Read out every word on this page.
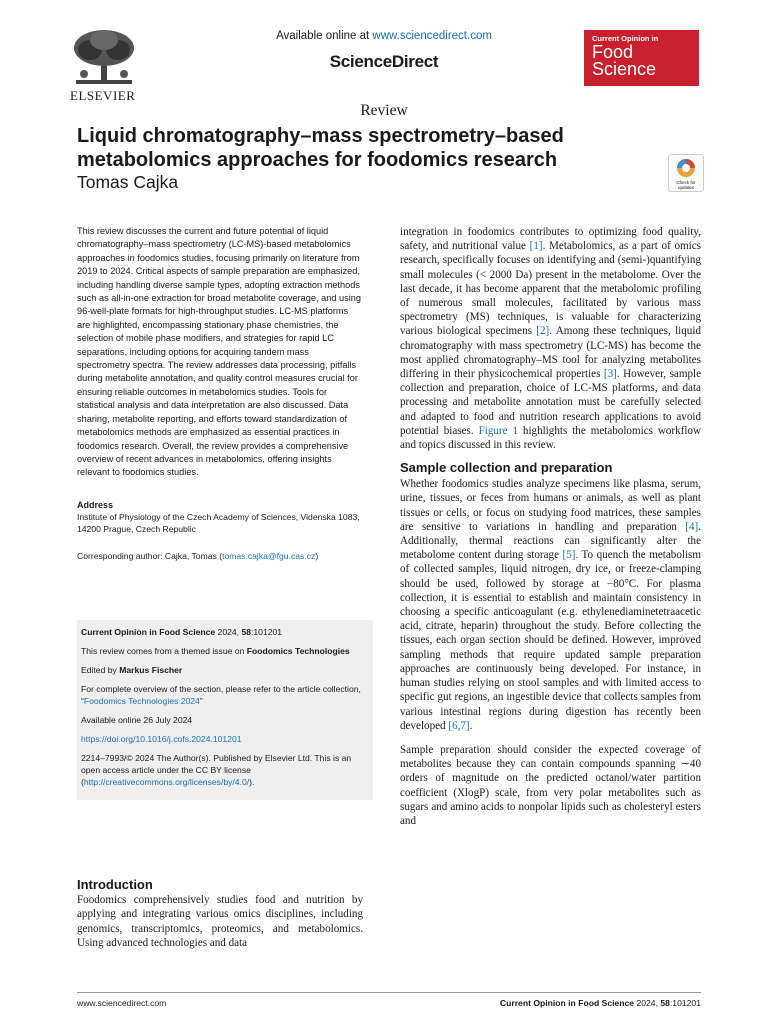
ELSEVIER
Available online at www.sciencedirect.com
ScienceDirect
Current Opinion in
Food
Science
Review
Liquid chromatography–mass spectrometry–based metabolomics approaches for foodomics research
Tomas Cajka	Check for updates

This review discusses the current and future potential of liquid chromatography–mass spectrometry (LC-MS)-based metabolomics approaches in foodomics studies, focusing primarily on literature from 2019 to 2024. Critical aspects of sample preparation are emphasized, including handling diverse sample types, adopting extraction methods such as all-in-one extraction for broad metabolite coverage, and using 96-well-plate formats for high-throughput studies. LC-MS platforms are highlighted, encompassing stationary phase chemistries, the selection of mobile phase modifiers, and strategies for rapid LC separations, including options for acquiring tandem mass spectrometry spectra. The review addresses data processing, pitfalls during metabolite annotation, and quality control measures crucial for ensuring reliable outcomes in metabolomics studies. Tools for statistical analysis and data interpretation are also discussed. Data sharing, metabolite reporting, and efforts toward standardization of metabolomics methods are emphasized as essential practices in foodomics research. Overall, the review provides a comprehensive overview of recent advances in metabolomics, offering insights relevant to foodomics studies.

Address

Institute of Physiology of the Czech Academy of Sciences, Videnska 1083, 14200 Prague, Czech Republic

Corresponding author: Cajka, Tomas (tomas.cajka@fgu.cas.cz)

Current Opinion in Food Science 2024, 58:101201

This review comes from a themed issue on Foodomics Technologies

Edited by Markus Fischer

For complete overview of the section, please refer to the article collection, “Foodomics Technologies 2024”

Available online 26 July 2024

https://doi.org/10.1016/j.cofs.2024.101201

2214–7993/© 2024 The Author(s). Published by Elsevier Ltd. This is an open access article under the CC BY license (http://creativecommons.org/licenses/by/4.0/).

Introduction

Foodomics comprehensively studies food and nutrition by applying and integrating various omics disciplines, including genomics, transcriptomics, proteomics, and metabolomics. Using advanced technologies and data

integration in foodomics contributes to optimizing food quality, safety, and nutritional value [1]. Metabolomics, as a part of omics research, specifically focuses on identifying and (semi-)quantifying small molecules (< 2000 Da) present in the metabolome. Over the last decade, it has become apparent that the metabolomic profiling of numerous small molecules, facilitated by various mass spectrometry (MS) techniques, is valuable for characterizing various biological specimens [2]. Among these techniques, liquid chromatography with mass spectrometry (LC-MS) has become the most applied chromatography–MS tool for analyzing metabolites differing in their physicochemical properties [3]. However, sample collection and preparation, choice of LC-MS platforms, and data processing and metabolite annotation must be carefully selected and adapted to food and nutrition research applications to avoid potential biases. Figure 1 highlights the metabolomics workflow and topics discussed in this review.

Sample collection and preparation

Whether foodomics studies analyze specimens like plasma, serum, urine, tissues, or feces from humans or animals, as well as plant tissues or cells, or focus on studying food matrices, these samples are sensitive to variations in handling and preparation [4]. Additionally, thermal reactions can significantly alter the metabolome content during storage [5]. To quench the metabolism of collected samples, liquid nitrogen, dry ice, or freeze-clamping should be used, followed by storage at −80°C. For plasma collection, it is essential to establish and maintain consistency in choosing a specific anticoagulant (e.g. ethylenediaminetetraacetic acid, citrate, heparin) throughout the study. Before collecting the tissues, each organ section should be defined. However, improved sampling methods that require updated sample preparation approaches are continuously being developed. For instance, in human studies relying on stool samples and with limited access to specific gut regions, an ingestible device that collects samples from various intestinal regions during digestion has recently been developed [6,7].

Sample preparation should consider the expected coverage of metabolites because they can contain compounds spanning ∼40 orders of magnitude on the predicted octanol/water partition coefficient (XlogP) scale, from very polar metabolites such as sugars and amino acids to nonpolar lipids such as cholesteryl esters and

www.sciencedirect.com	Current Opinion in Food Science 2024, 58:101201
